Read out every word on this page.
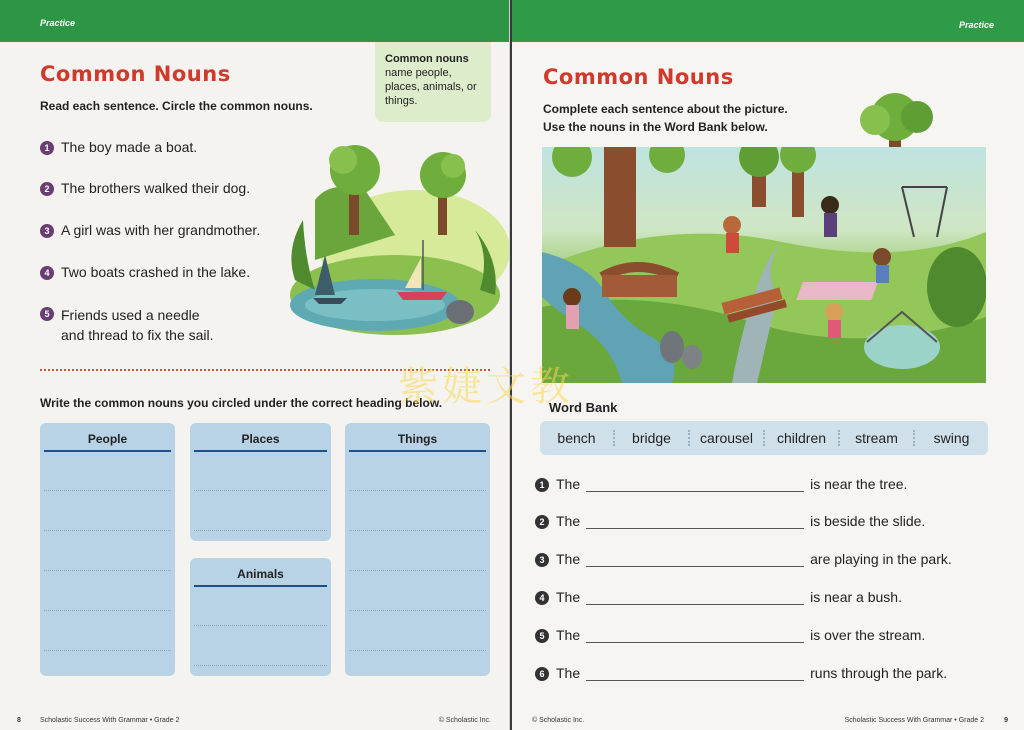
Practice
Common Nouns
Read each sentence. Circle the common nouns.
Common nouns
name people, places, animals, or things.
1 The boy made a boat.
2 The brothers walked their dog.
3 A girl was with her grandmother.
4 Two boats crashed in the lake.
5 Friends used a needle
and thread to fix the sail.
Write the common nouns you circled under the correct heading below.
People	Places
Animals
Things
8	Scholastic Success With Grammar • Grade 2	© Scholastic Inc.
Practice
© Scholastic Inc.	Scholastic Success With Grammar • Grade 2	9
Common Nouns
Complete each sentence about the picture.
Use the nouns in the Word Bank below.
bench	bridge	carousel	children	stream	swing
Word Bank
1 The	is near the tree.
2 The	is beside the slide.
3 The	are playing in the park.
4 The	is near a bush.
5 The	is over the stream.
6 The	runs through the park.
紫婕文教
